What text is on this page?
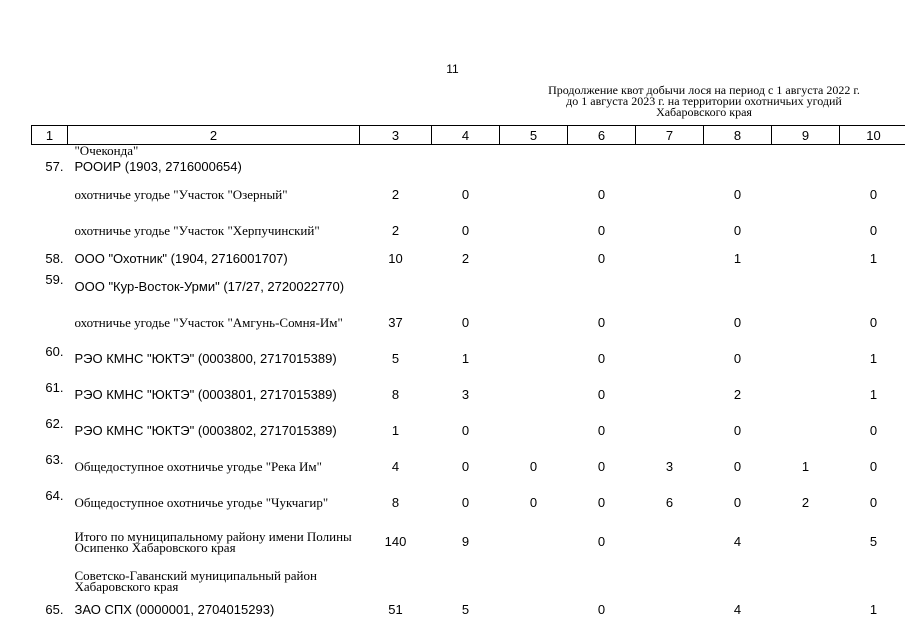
11
Продолжение квот добычи лося на период с 1 августа 2022 г. до 1 августа 2023 г. на территории охотничьих угодий Хабаровского края
1	2	3	4	5	6	7	8	9	10
	"Очеконда"								
57.	РООИР (1903, 2716000654)								
	охотничье угодье "Участок "Озерный"	2	0		0		0		0
	охотничье угодье "Участок "Херпучинский"	2	0		0		0		0
58.	ООО "Охотник" (1904, 2716001707)	10	2		0		1		1
59.	ООО "Кур-Восток-Урми" (17/27, 2720022770)								
	охотничье угодье "Участок "Амгунь-Сомня-Им"	37	0		0		0		0
60.	РЭО КМНС "ЮКТЭ" (0003800, 2717015389)	5	1		0		0		1
61.	РЭО КМНС "ЮКТЭ" (0003801, 2717015389)	8	3		0		2		1
62.	РЭО КМНС "ЮКТЭ" (0003802, 2717015389)	1	0		0		0		0
63.	Общедоступное охотничье угодье "Река Им"	4	0	0	0	3	0	1	0
64.	Общедоступное охотничье угодье "Чукчагир"	8	0	0	0	6	0	2	0
	Итого по муниципальному району имени Полины Осипенко Хабаровского края	140	9		0		4		5
	Советско-Гаванский муниципальный район Хабаровского края								
65.	ЗАО СПХ (0000001, 2704015293)	51	5		0		4		1
